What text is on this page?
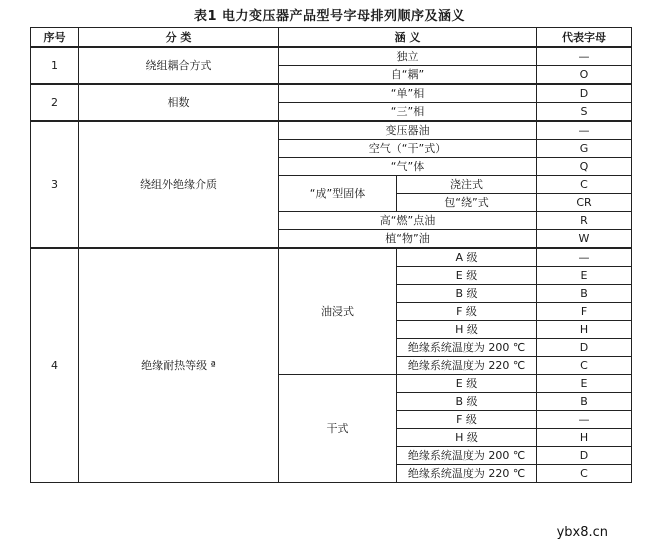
表1 电力变压器产品型号字母排列顺序及涵义
序号	分 类	涵 义		代表字母
1	绕组耦合方式	独立		—
		自“耦”		O
2	相数	“单”相		D
		“三”相		S
3	绕组外绝缘介质	变压器油		—
		空气（“干”式）		G
		“气”体		Q
		“成”型固体	浇注式	C
			包“绕”式	CR
		高“燃”点油		R
		植“物”油		W
4	绝缘耐热等级 ª	油浸式	A 级	—
			E 级	E
			B 级	B
			F 级	F
			H 级	H
			绝缘系统温度为 200 ℃	D
			绝缘系统温度为 220 ℃	C
		干式	E 级	E
			B 级	B
			F 级	—
			H 级	H
			绝缘系统温度为 200 ℃	D
			绝缘系统温度为 220 ℃	C
ybx8.cn
